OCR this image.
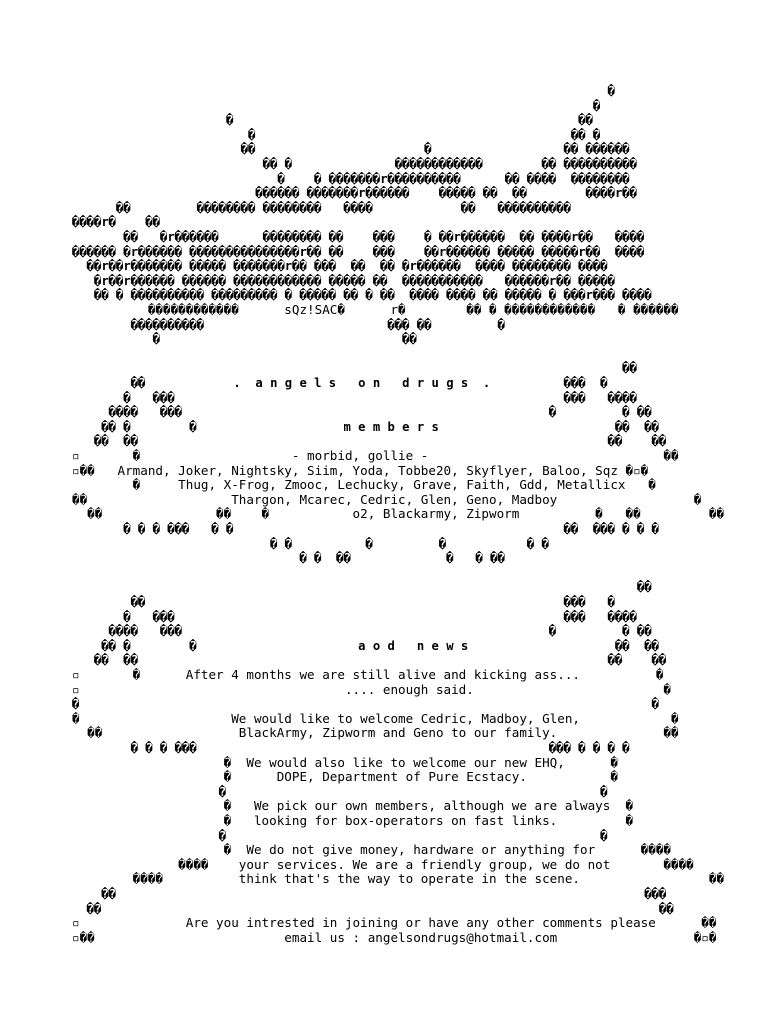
�
�
�                                               ��
�                                           �� �
��                       �                  �� ������
�� �              ������������        �� ����������
�    � �������r����������      �� ����  ��������
������ �������r������    ����� ��  ��        ����r��
��         �������� ��������   ����            ��   ����������
����r�    ��
��   �r������      �������� ��    ���    � ��r������  �� ����r��   ����
������ �r������ ���������������r�� ��    ���    ��r������ ����� �����r��  ����
��r��r������� ����� �������r�� ���  ��  �� �r������  ���� �������� ����
�r��r������ ������ ������������ ����� ��  �����������   ������r�� �����
�� � ���������� ��������� � ����� �� � ��  ���� ���� �� ����� � ���r��� ����
������������      sQz!SAC�      r�        �� � ������������   � ������
����������                         ��� ��         �
�                                 ��
��
��            .  a n g e l s   o n   d r u g s  .          ���  �
�   ���                                                     ���   ����
����   ���                                                  �         � ��
�� �        �                    m e m b e r s                        ��  ��
��  ��                                                                ��    ��
▫       �                    - morbid, gollie -                               ��
▫��   Armand, Joker, Nightsky, Siim, Yoda, Tobbe20, Skyflyer, Baloo, Sqz �▫�
�     Thug, X-Frog, Zmooc, Lechucky, Grave, Faith, Gdd, Metallicx   �
��                   Thargon, Mcarec, Cedric, Glen, Geno, Madboy                  �
��               ��    �           o2, Blackarmy, Zipworm          �   ��         ��
� � � ���   � �                                             ��  ��� � � �
� �          �         �           � �
� �  ��             �   � ��
��
��                                                         ���   �
�   ���                                                     ���   ����
����   ���                                                  �         � ��
�� �        �                      a o d   n e w s                    ��  ��
��  ��                                                                ��    ��
▫       �      After 4 months we are still alive and kicking ass...          �
▫                                   .... enough said.                         �
�                                                                              �
�                    We would like to welcome Cedric, Madboy, Glen,            �
��                  BlackArmy, Zipworm and Geno to our family.              ��
� � � ���                                                ��� � � � �
�  We would also like to welcome our new EHQ,      �
�      DOPE, Department of Pure Ecstacy.           �
�                                                   �
�   We pick our own members, although we are always  �
�   looking for box-operators on fast links.         �
�                                                   �
�  We do not give money, hardware or anything for      ����
����    your services. We are a friendly group, we do not       ����
����          think that's the way to operate in the scene.                 ��
��                                                                        ���
��                                                                            ��
▫              Are you intrested in joining or have any other comments please      ��
▫��                         email us : angelsondrugs@hotmail.com                  �▫�
